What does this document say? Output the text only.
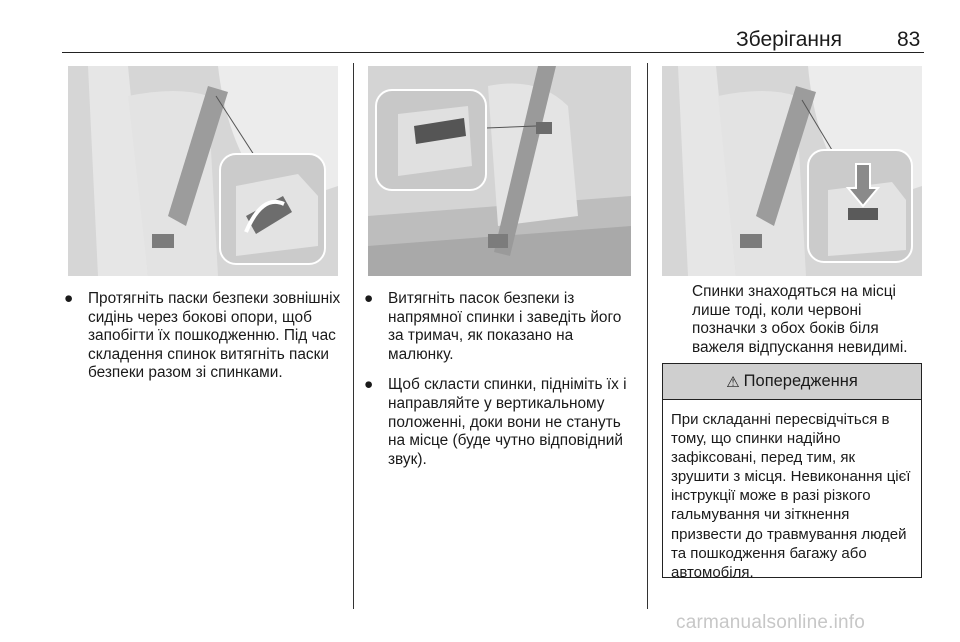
Зберігання	83
● Протягніть паски безпеки зовнішніх сидінь через бокові опори, щоб запобігти їх пошкодженню. Під час складення спинок витягніть паски безпеки разом зі спинками.
● Витягніть пасок безпеки із напрямної спинки і заведіть його за тримач, як показано на малюнку.
● Щоб скласти спинки, підніміть їх і направляйте у вертикальному положенні, доки вони не стануть на місце (буде чутно відповідний звук).
Спинки знаходяться на місці лише тоді, коли червоні позначки з обох боків біля важеля відпускання невидимі.
⚠ Попередження
При складанні пересвідчіться в тому, що спинки надійно зафіксовані, перед тим, як зрушити з місця. Невиконання цієї інструкції може в разі різкого гальмування чи зіткнення призвести до травмування людей та пошкодження багажу або автомобіля.
carmanualsonline.info
